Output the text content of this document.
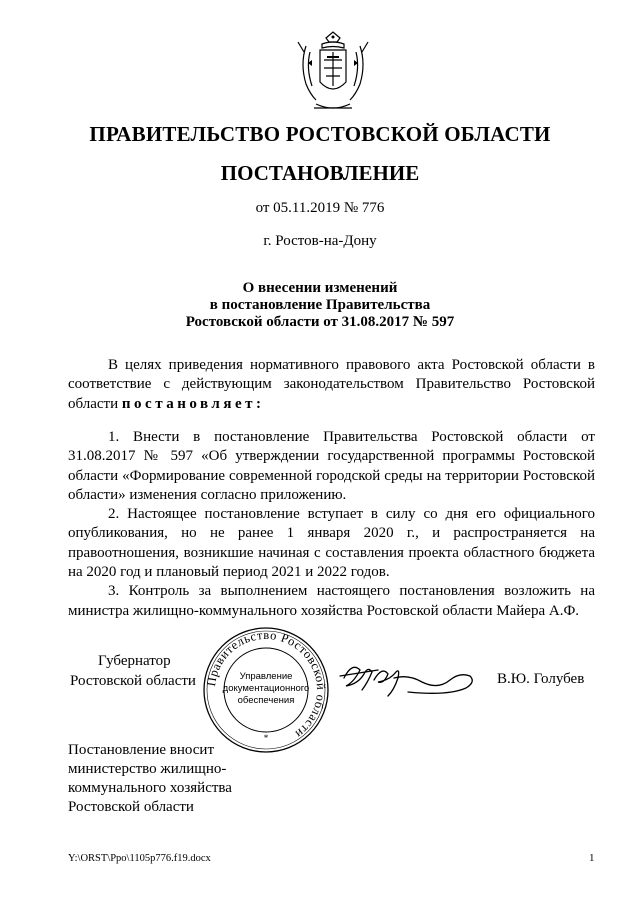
ПРАВИТЕЛЬСТВО РОСТОВСКОЙ ОБЛАСТИ
ПОСТАНОВЛЕНИЕ
от 05.11.2019 № 776
г. Ростов-на-Дону
О внесении изменений
в постановление Правительства
Ростовской области от 31.08.2017 № 597

В целях приведения нормативного правового акта Ростовской области в соответствие с действующим законодательством Правительство Ростовской области постановляет:

1. Внести в постановление Правительства Ростовской области от 31.08.2017 № 597 «Об утверждении государственной программы Ростовской области «Формирование современной городской среды на территории Ростовской области» изменения согласно приложению.

2. Настоящее постановление вступает в силу со дня его официального опубликования, но не ранее 1 января 2020 г., и распространяется на правоотношения, возникшие начиная с составления проекта областного бюджета на 2020 год и плановый период 2021 и 2022 годов.

3. Контроль за выполнением настоящего постановления возложить на министра жилищно-коммунального хозяйства Ростовской области Майера А.Ф.

Губернатор
Ростовской области Правительство Ростовской области
Управление
документационного
обеспечения
*
В.Ю. Голубев
Постановление вносит
министерство жилищно-
коммунального хозяйства
Ростовской области
Y:\ORST\Ppo\1105p776.f19.docx	1
